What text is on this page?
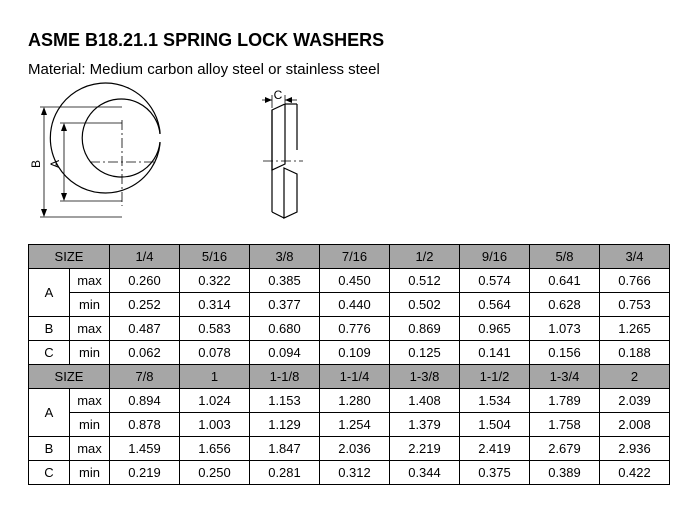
ASME B18.21.1 SPRING LOCK WASHERS
Material: Medium carbon alloy steel or stainless steel
B A
C
SIZE		1/4	5/16	3/8	7/16	1/2	9/16	5/8	3/4
A	max	0.260	0.322	0.385	0.450	0.512	0.574	0.641	0.766
	min	0.252	0.314	0.377	0.440	0.502	0.564	0.628	0.753
B	max	0.487	0.583	0.680	0.776	0.869	0.965	1.073	1.265
C	min	0.062	0.078	0.094	0.109	0.125	0.141	0.156	0.188
SIZE		7/8	1	1-1/8	1-1/4	1-3/8	1-1/2	1-3/4	2
A	max	0.894	1.024	1.153	1.280	1.408	1.534	1.789	2.039
	min	0.878	1.003	1.129	1.254	1.379	1.504	1.758	2.008
B	max	1.459	1.656	1.847	2.036	2.219	2.419	2.679	2.936
C	min	0.219	0.250	0.281	0.312	0.344	0.375	0.389	0.422
